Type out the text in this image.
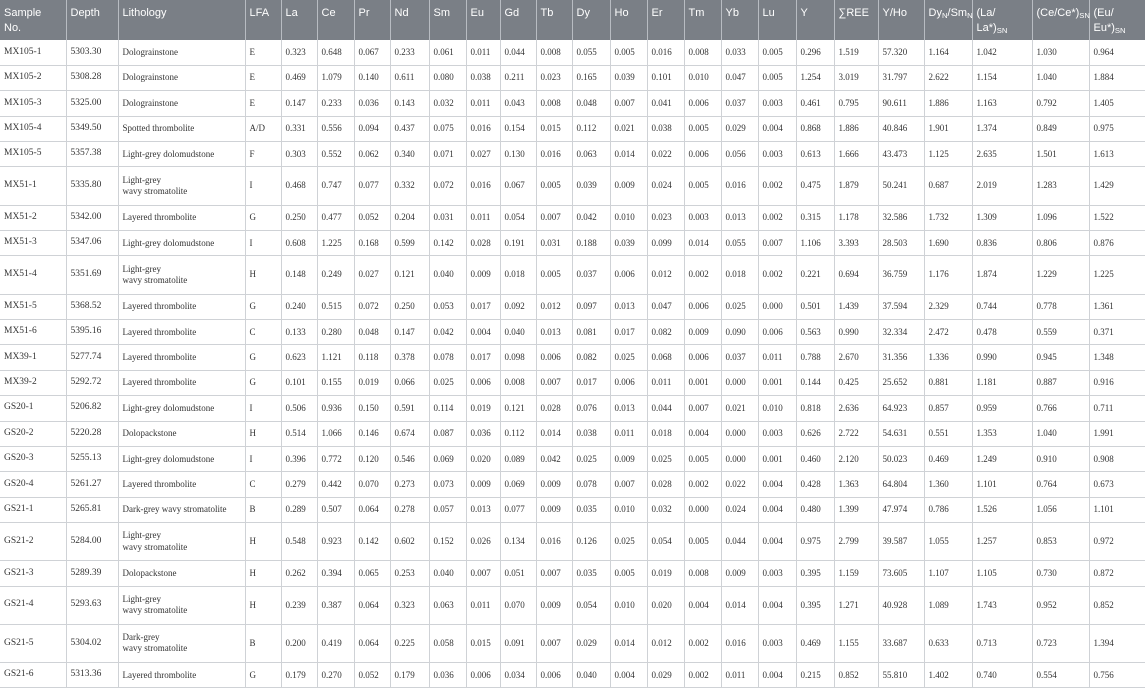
Sample
No.	Depth	Lithology	LFA	La	Ce	Pr	Nd	Sm	Eu	Gd	Tb	Dy	Ho	Er	Tm	Yb	Lu	Y	∑REE	Y/Ho	$Dy_N/Sm_N$	(La/
$La*)_{SN}$	$(Ce/Ce*)_{SN}$	(Eu/
$Eu*)_{SN}$
MX105-1	5303.30	Dolograinstone	E	0.323	0.648	0.067	0.233	0.061	0.011	0.044	0.008	0.055	0.005	0.016	0.008	0.033	0.005	0.296	1.519	57.320	1.164	1.042	1.030	0.964
MX105-2	5308.28	Dolograinstone	E	0.469	1.079	0.140	0.611	0.080	0.038	0.211	0.023	0.165	0.039	0.101	0.010	0.047	0.005	1.254	3.019	31.797	2.622	1.154	1.040	1.884
MX105-3	5325.00	Dolograinstone	E	0.147	0.233	0.036	0.143	0.032	0.011	0.043	0.008	0.048	0.007	0.041	0.006	0.037	0.003	0.461	0.795	90.611	1.886	1.163	0.792	1.405
MX105-4	5349.50	Spotted thrombolite	A/D	0.331	0.556	0.094	0.437	0.075	0.016	0.154	0.015	0.112	0.021	0.038	0.005	0.029	0.004	0.868	1.886	40.846	1.901	1.374	0.849	0.975
MX105-5	5357.38	Light-grey dolomudstone	F	0.303	0.552	0.062	0.340	0.071	0.027	0.130	0.016	0.063	0.014	0.022	0.006	0.056	0.003	0.613	1.666	43.473	1.125	2.635	1.501	1.613
MX51-1	5335.80	Light-grey
wavy stromatolite	I	0.468	0.747	0.077	0.332	0.072	0.016	0.067	0.005	0.039	0.009	0.024	0.005	0.016	0.002	0.475	1.879	50.241	0.687	2.019	1.283	1.429
MX51-2	5342.00	Layered thrombolite	G	0.250	0.477	0.052	0.204	0.031	0.011	0.054	0.007	0.042	0.010	0.023	0.003	0.013	0.002	0.315	1.178	32.586	1.732	1.309	1.096	1.522
MX51-3	5347.06	Light-grey dolomudstone	I	0.608	1.225	0.168	0.599	0.142	0.028	0.191	0.031	0.188	0.039	0.099	0.014	0.055	0.007	1.106	3.393	28.503	1.690	0.836	0.806	0.876
MX51-4	5351.69	Light-grey
wavy stromatolite	H	0.148	0.249	0.027	0.121	0.040	0.009	0.018	0.005	0.037	0.006	0.012	0.002	0.018	0.002	0.221	0.694	36.759	1.176	1.874	1.229	1.225
MX51-5	5368.52	Layered thrombolite	G	0.240	0.515	0.072	0.250	0.053	0.017	0.092	0.012	0.097	0.013	0.047	0.006	0.025	0.000	0.501	1.439	37.594	2.329	0.744	0.778	1.361
MX51-6	5395.16	Layered thrombolite	C	0.133	0.280	0.048	0.147	0.042	0.004	0.040	0.013	0.081	0.017	0.082	0.009	0.090	0.006	0.563	0.990	32.334	2.472	0.478	0.559	0.371
MX39-1	5277.74	Layered thrombolite	G	0.623	1.121	0.118	0.378	0.078	0.017	0.098	0.006	0.082	0.025	0.068	0.006	0.037	0.011	0.788	2.670	31.356	1.336	0.990	0.945	1.348
MX39-2	5292.72	Layered thrombolite	G	0.101	0.155	0.019	0.066	0.025	0.006	0.008	0.007	0.017	0.006	0.011	0.001	0.000	0.001	0.144	0.425	25.652	0.881	1.181	0.887	0.916
GS20-1	5206.82	Light-grey dolomudstone	I	0.506	0.936	0.150	0.591	0.114	0.019	0.121	0.028	0.076	0.013	0.044	0.007	0.021	0.010	0.818	2.636	64.923	0.857	0.959	0.766	0.711
GS20-2	5220.28	Dolopackstone	H	0.514	1.066	0.146	0.674	0.087	0.036	0.112	0.014	0.038	0.011	0.018	0.004	0.000	0.003	0.626	2.722	54.631	0.551	1.353	1.040	1.991
GS20-3	5255.13	Light-grey dolomudstone	I	0.396	0.772	0.120	0.546	0.069	0.020	0.089	0.042	0.025	0.009	0.025	0.005	0.000	0.001	0.460	2.120	50.023	0.469	1.249	0.910	0.908
GS20-4	5261.27	Layered thrombolite	C	0.279	0.442	0.070	0.273	0.073	0.009	0.069	0.009	0.078	0.007	0.028	0.002	0.022	0.004	0.428	1.363	64.804	1.360	1.101	0.764	0.673
GS21-1	5265.81	Dark-grey wavy stromatolite	B	0.289	0.507	0.064	0.278	0.057	0.013	0.077	0.009	0.035	0.010	0.032	0.000	0.024	0.004	0.480	1.399	47.974	0.786	1.526	1.056	1.101
GS21-2	5284.00	Light-grey
wavy stromatolite	H	0.548	0.923	0.142	0.602	0.152	0.026	0.134	0.016	0.126	0.025	0.054	0.005	0.044	0.004	0.975	2.799	39.587	1.055	1.257	0.853	0.972
GS21-3	5289.39	Dolopackstone	H	0.262	0.394	0.065	0.253	0.040	0.007	0.051	0.007	0.035	0.005	0.019	0.008	0.009	0.003	0.395	1.159	73.605	1.107	1.105	0.730	0.872
GS21-4	5293.63	Light-grey
wavy stromatolite	H	0.239	0.387	0.064	0.323	0.063	0.011	0.070	0.009	0.054	0.010	0.020	0.004	0.014	0.004	0.395	1.271	40.928	1.089	1.743	0.952	0.852
GS21-5	5304.02	Dark-grey
wavy stromatolite	B	0.200	0.419	0.064	0.225	0.058	0.015	0.091	0.007	0.029	0.014	0.012	0.002	0.016	0.003	0.469	1.155	33.687	0.633	0.713	0.723	1.394
GS21-6	5313.36	Layered thrombolite	G	0.179	0.270	0.052	0.179	0.036	0.006	0.034	0.006	0.040	0.004	0.029	0.002	0.011	0.004	0.215	0.852	55.810	1.402	0.740	0.554	0.756
